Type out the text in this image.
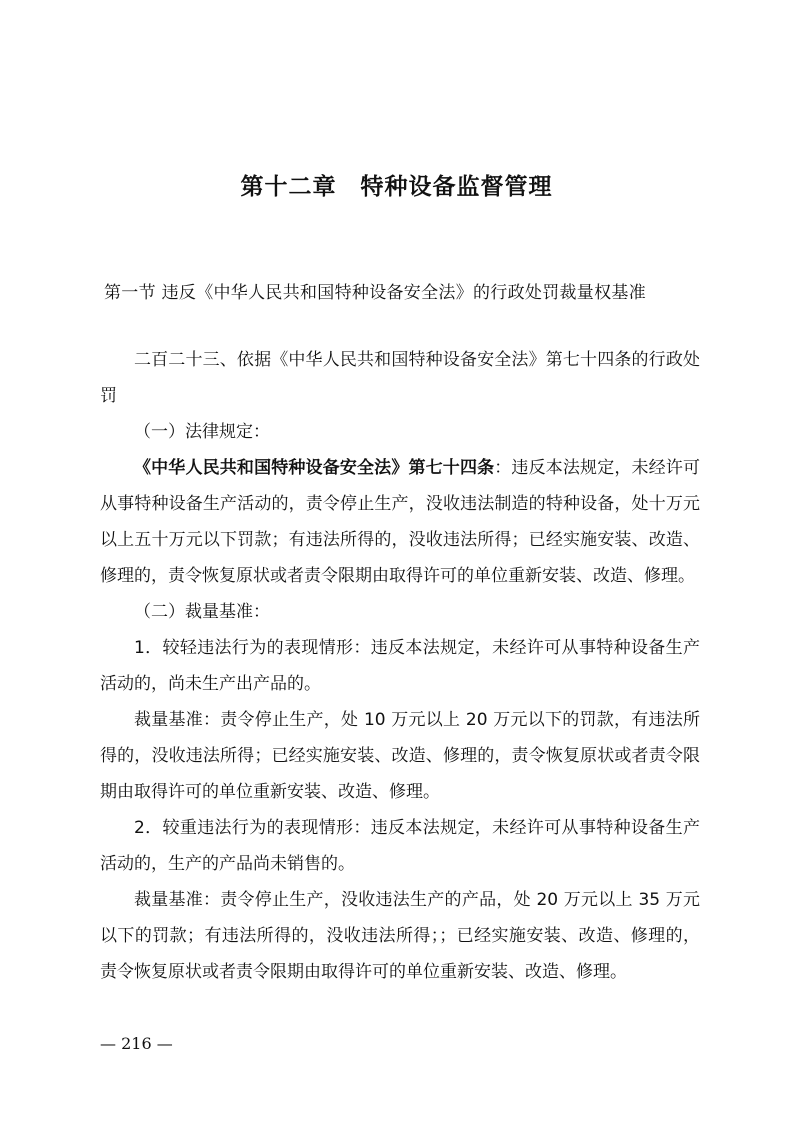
第十二章　特种设备监督管理
第一节 违反《中华人民共和国特种设备安全法》的行政处罚裁量权基准

二百二十三、依据《中华人民共和国特种设备安全法》第七十四条的行政处罚

（一）法律规定：

《中华人民共和国特种设备安全法》第七十四条：违反本法规定，未经许可从事特种设备生产活动的，责令停止生产，没收违法制造的特种设备，处十万元以上五十万元以下罚款；有违法所得的，没收违法所得；已经实施安装、改造、修理的，责令恢复原状或者责令限期由取得许可的单位重新安装、改造、修理。

（二）裁量基准：

1．较轻违法行为的表现情形：违反本法规定，未经许可从事特种设备生产活动的，尚未生产出产品的。

裁量基准：责令停止生产，处 10 万元以上 20 万元以下的罚款，有违法所得的，没收违法所得；已经实施安装、改造、修理的，责令恢复原状或者责令限期由取得许可的单位重新安装、改造、修理。

2．较重违法行为的表现情形：违反本法规定，未经许可从事特种设备生产活动的，生产的产品尚未销售的。

裁量基准：责令停止生产，没收违法生产的产品，处 20 万元以上 35 万元以下的罚款；有违法所得的，没收违法所得；；已经实施安装、改造、修理的，责令恢复原状或者责令限期由取得许可的单位重新安装、改造、修理。

— 216 —
